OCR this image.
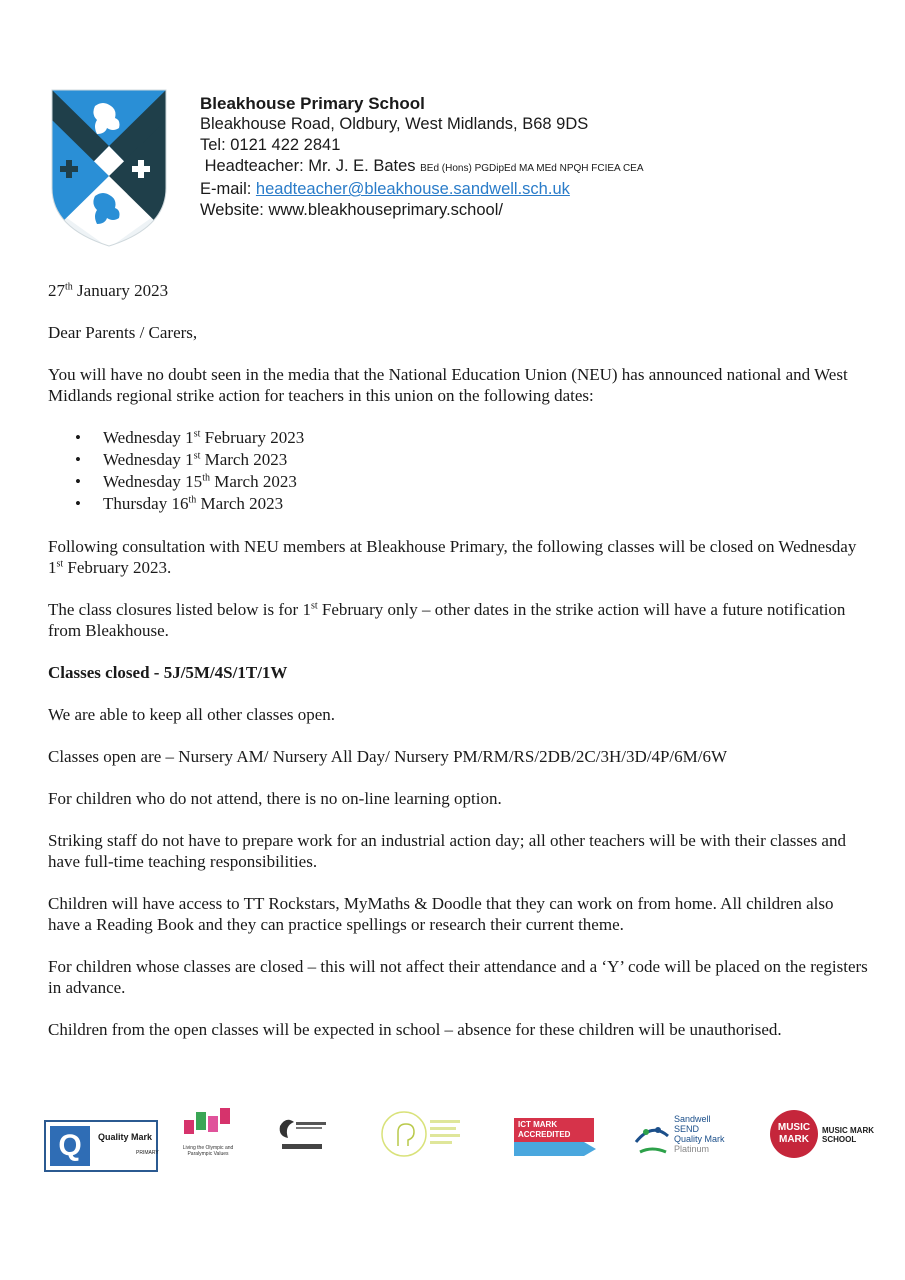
Bleakhouse Primary School
Bleakhouse Road, Oldbury, West Midlands, B68 9DS
Tel: 0121 422 2841
Headteacher: Mr. J. E. Bates BEd (Hons) PGDipEd MA MEd NPQH FCIEA CEA
E-mail: headteacher@bleakhouse.sandwell.sch.uk
Website: www.bleakhouseprimary.school/

27th January 2023

Dear Parents / Carers,

You will have no doubt seen in the media that the National Education Union (NEU) has announced national and West Midlands regional strike action for teachers in this union on the following dates:

• Wednesday 1st February 2023
• Wednesday 1st March 2023
• Wednesday 15th March 2023
• Thursday 16th March 2023

Following consultation with NEU members at Bleakhouse Primary, the following classes will be closed on Wednesday 1st February 2023.

The class closures listed below is for 1st February only – other dates in the strike action will have a future notification from Bleakhouse.

Classes closed - 5J/5M/4S/1T/1W

We are able to keep all other classes open.

Classes open are – Nursery AM/ Nursery All Day/ Nursery PM/RM/RS/2DB/2C/3H/3D/4P/6M/6W

For children who do not attend, there is no on-line learning option.

Striking staff do not have to prepare work for an industrial action day; all other teachers will be with their classes and have full-time teaching responsibilities.

Children will have access to TT Rockstars, MyMaths & Doodle that they can work on from home. All children also have a Reading Book and they can practice spellings or research their current theme.

For children whose classes are closed – this will not affect their attendance and a ‘Y’ code will be placed on the registers in advance.

Children from the open classes will be expected in school – absence for these children will be unauthorised.

Q	Quality Mark
PRIMARY
Living the Olympic and Paralympic Values
ICT MARK ACCREDITED
Sandwell
SEND
Quality Mark
Platinum
MUSIC
MARK
MUSIC MARK
SCHOOL
